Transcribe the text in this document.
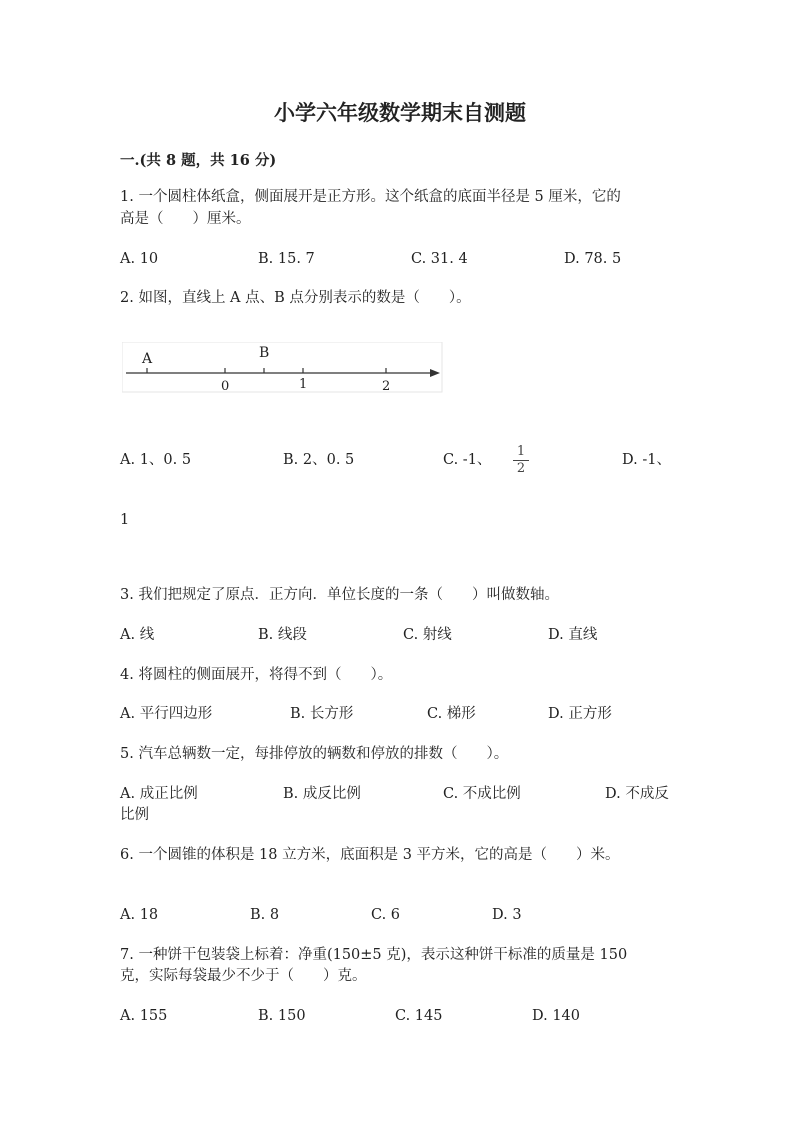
小学六年级数学期末自测题
一.(共 8 题，共 16 分)
1. 一个圆柱体纸盒，侧面展开是正方形。这个纸盒的底面半径是 5 厘米，它的
高是（　　）厘米。
A. 10	B. 15. 7	C. 31. 4	D. 78. 5
2. 如图，直线上 A 点、B 点分别表示的数是（　　）。
A	B
0	1	2
A. 1、0. 5	B. 2、0. 5	C. -1、
1
2
D. -1、
1
3. 我们把规定了原点．正方向．单位长度的一条（　　）叫做数轴。
A. 线	B. 线段	C. 射线	D. 直线
4. 将圆柱的侧面展开，将得不到（　　）。
A. 平行四边形	B. 长方形	C. 梯形	D. 正方形
5. 汽车总辆数一定，每排停放的辆数和停放的排数（　　）。
A. 成正比例	B. 成反比例	C. 不成比例	D. 不成反
比例
6. 一个圆锥的体积是 18 立方米，底面积是 3 平方米，它的高是（　　）米。
A. 18	B. 8	C. 6	D. 3
7. 一种饼干包装袋上标着：净重(150±5 克)，表示这种饼干标准的质量是 150
克，实际每袋最少不少于（　　）克。
A. 155	B. 150	C. 145	D. 140
